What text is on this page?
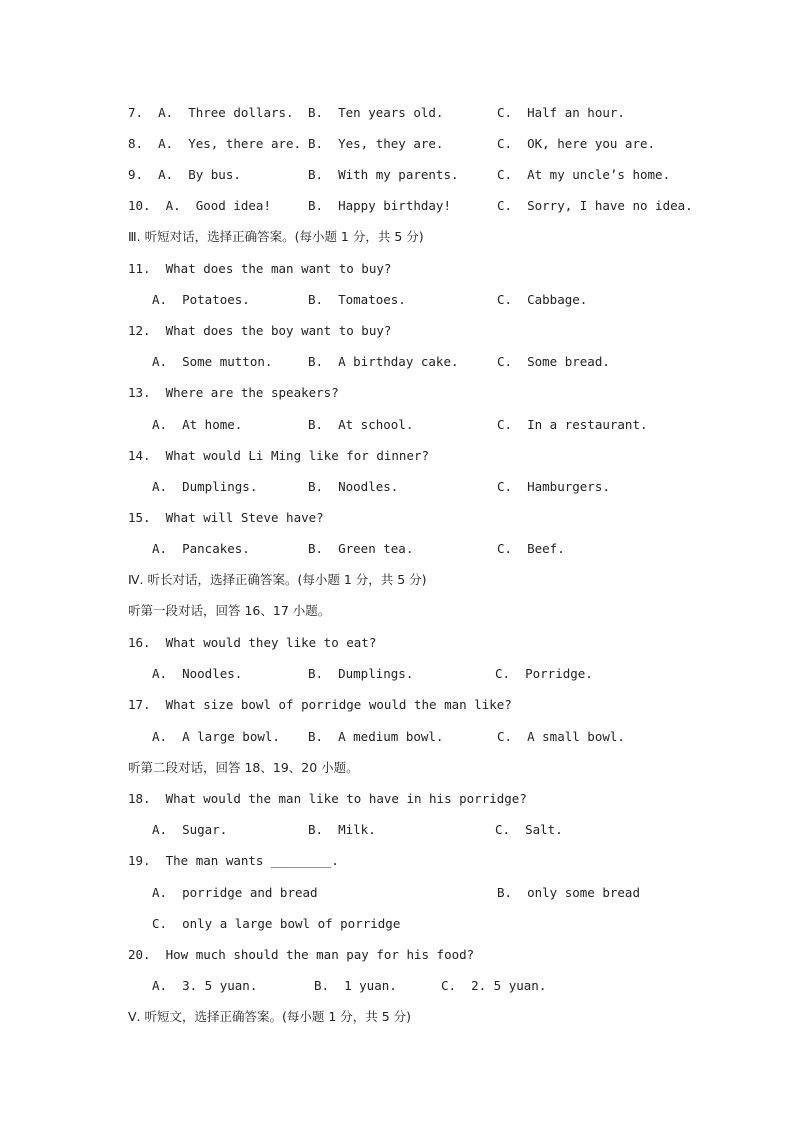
7.  A.  Three dollars. B.  Ten years old.	C.  Half an hour.
8.  A.  Yes, there are. B.  Yes, they are.	C.  OK, here you are.
9.  A.  By bus.	B.  With my parents.	C.  At my uncle’s home.
10.  A.  Good idea!	B.  Happy birthday!	C.  Sorry, I have no idea.
Ⅲ. 听短对话，选择正确答案。(每小题 1 分，共 5 分)
11.  What does the man want to buy?
A.  Potatoes.	B.  Tomatoes.	C.  Cabbage.
12.  What does the boy want to buy?
A.  Some mutton.	B.  A birthday cake.	C.  Some bread.
13.  Where are the speakers?
A.  At home.	B.  At school.	C.  In a restaurant.
14.  What would Li Ming like for dinner?
A.  Dumplings.	B.  Noodles.	C.  Hamburgers.
15.  What will Steve have?
A.  Pancakes.	B.  Green tea.	C.  Beef.
Ⅳ. 听长对话，选择正确答案。(每小题 1 分，共 5 分)
听第一段对话，回答 16、17 小题。
16.  What would they like to eat?
A.  Noodles.	B.  Dumplings.	C.  Porridge.
17.  What size bowl of porridge would the man like?
A.  A large bowl. B.  A medium bowl.	C.  A small bowl.
听第二段对话，回答 18、19、20 小题。
18.  What would the man like to have in his porridge?
A.  Sugar.	B.  Milk.	C.  Salt.
19.  The man wants ________.
A.  porridge and bread	B.  only some bread
C.  only a large bowl of porridge
20.  How much should the man pay for his food?
A.  3. 5 yuan.	B.  1 yuan.	C.  2. 5 yuan.
Ⅴ. 听短文，选择正确答案。(每小题 1 分，共 5 分)
